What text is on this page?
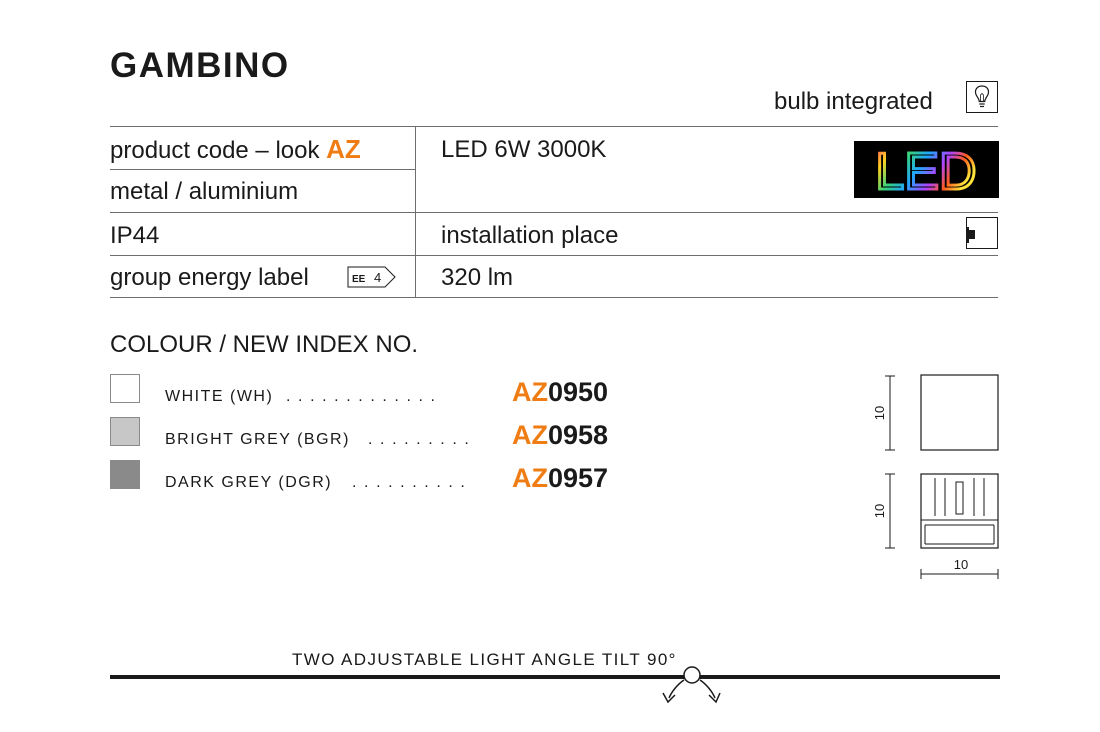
GAMBINO
bulb integrated
product code – look AZ
metal / aluminium
IP44
group energy label	EE 4
LED 6W 3000K
installation place
320 lm
LED
COLOUR / NEW INDEX NO.
WHITE (WH) .............	AZ0950
BRIGHT GREY (BGR) ......... AZ0958
DARK GREY (DGR) .......... AZ0957
10
10
10
TWO ADJUSTABLE LIGHT ANGLE TILT 90°
